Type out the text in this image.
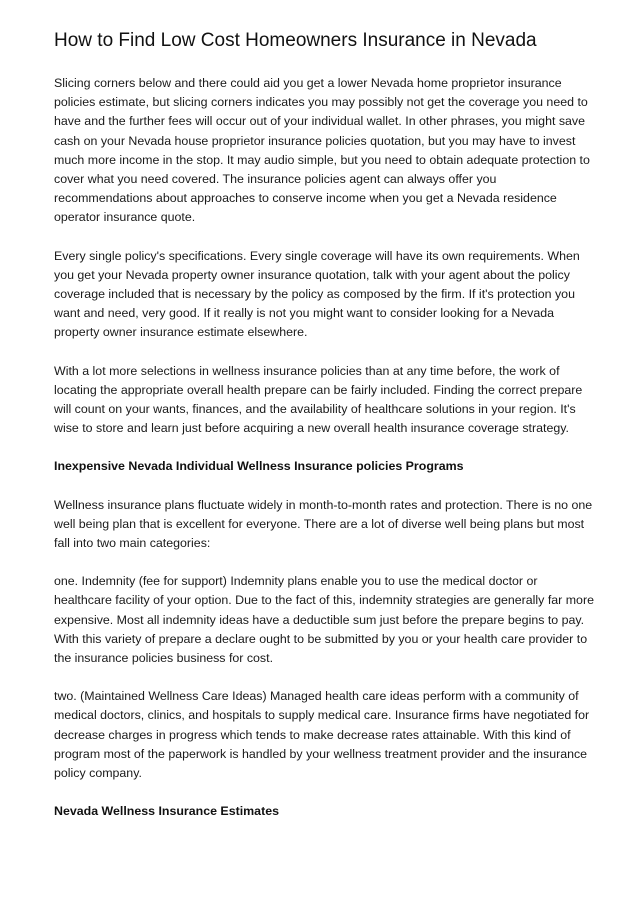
How to Find Low Cost Homeowners Insurance in Nevada

Slicing corners below and there could aid you get a lower Nevada home proprietor insurance policies estimate, but slicing corners indicates you may possibly not get the coverage you need to have and the further fees will occur out of your individual wallet. In other phrases, you might save cash on your Nevada house proprietor insurance policies quotation, but you may have to invest much more income in the stop. It may audio simple, but you need to obtain adequate protection to cover what you need covered. The insurance policies agent can always offer you recommendations about approaches to conserve income when you get a Nevada residence operator insurance quote.

Every single policy's specifications. Every single coverage will have its own requirements. When you get your Nevada property owner insurance quotation, talk with your agent about the policy coverage included that is necessary by the policy as composed by the firm. If it's protection you want and need, very good. If it really is not you might want to consider looking for a Nevada property owner insurance estimate elsewhere.

With a lot more selections in wellness insurance policies than at any time before, the work of locating the appropriate overall health prepare can be fairly included. Finding the correct prepare will count on your wants, finances, and the availability of healthcare solutions in your region. It's wise to store and learn just before acquiring a new overall health insurance coverage strategy.

Inexpensive Nevada Individual Wellness Insurance policies Programs

Wellness insurance plans fluctuate widely in month-to-month rates and protection. There is no one well being plan that is excellent for everyone. There are a lot of diverse well being plans but most fall into two main categories:

one. Indemnity (fee for support) Indemnity plans enable you to use the medical doctor or healthcare facility of your option. Due to the fact of this, indemnity strategies are generally far more expensive. Most all indemnity ideas have a deductible sum just before the prepare begins to pay. With this variety of prepare a declare ought to be submitted by you or your health care provider to the insurance policies business for cost.

two. (Maintained Wellness Care Ideas) Managed health care ideas perform with a community of medical doctors, clinics, and hospitals to supply medical care. Insurance firms have negotiated for decrease charges in progress which tends to make decrease rates attainable. With this kind of program most of the paperwork is handled by your wellness treatment provider and the insurance policy company.

Nevada Wellness Insurance Estimates
